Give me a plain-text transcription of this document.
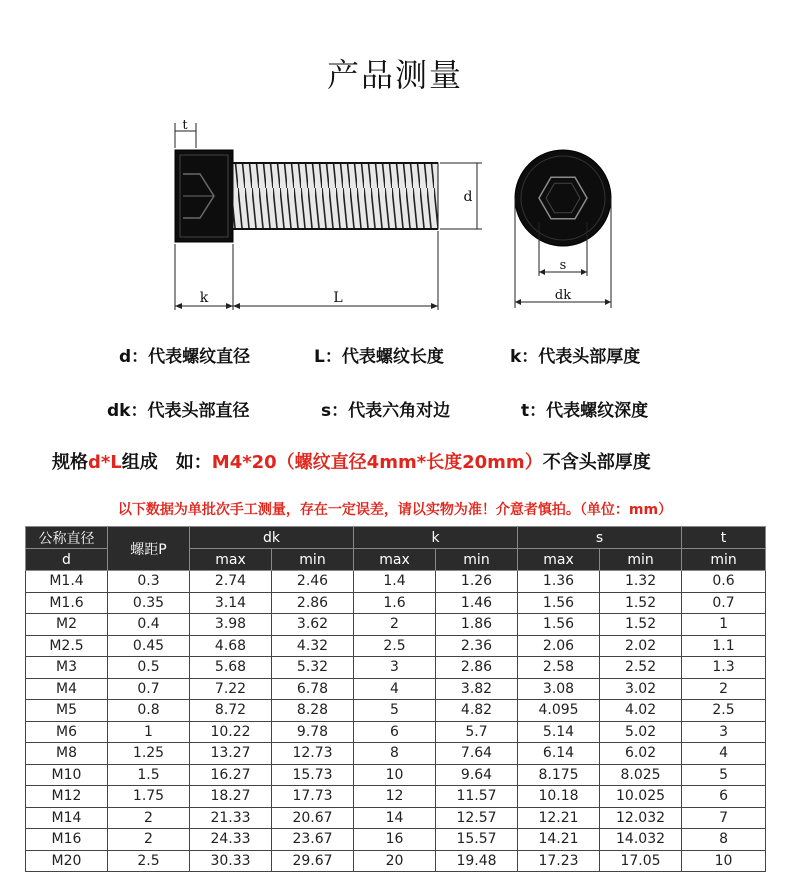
产品测量
t
d
k	L
s
dk
d：代表螺纹直径	L：代表螺纹长度	k：代表头部厚度
dk：代表头部直径	s：代表六角对边	t：代表螺纹深度
规格d*L组成　如：M4*20（螺纹直径4mm*长度20mm）不含头部厚度
以下数据为单批次手工测量，存在一定误差，请以实物为准！介意者慎拍。（单位：mm）
公称直径	螺距P	dk		k		s		t
d		max	min	max	min	max	min	min
M1.4	0.3	2.74	2.46	1.4	1.26	1.36	1.32	0.6
M1.6	0.35	3.14	2.86	1.6	1.46	1.56	1.52	0.7
M2	0.4	3.98	3.62	2	1.86	1.56	1.52	1
M2.5	0.45	4.68	4.32	2.5	2.36	2.06	2.02	1.1
M3	0.5	5.68	5.32	3	2.86	2.58	2.52	1.3
M4	0.7	7.22	6.78	4	3.82	3.08	3.02	2
M5	0.8	8.72	8.28	5	4.82	4.095	4.02	2.5
M6	1	10.22	9.78	6	5.7	5.14	5.02	3
M8	1.25	13.27	12.73	8	7.64	6.14	6.02	4
M10	1.5	16.27	15.73	10	9.64	8.175	8.025	5
M12	1.75	18.27	17.73	12	11.57	10.18	10.025	6
M14	2	21.33	20.67	14	12.57	12.21	12.032	7
M16	2	24.33	23.67	16	15.57	14.21	14.032	8
M20	2.5	30.33	29.67	20	19.48	17.23	17.05	10
